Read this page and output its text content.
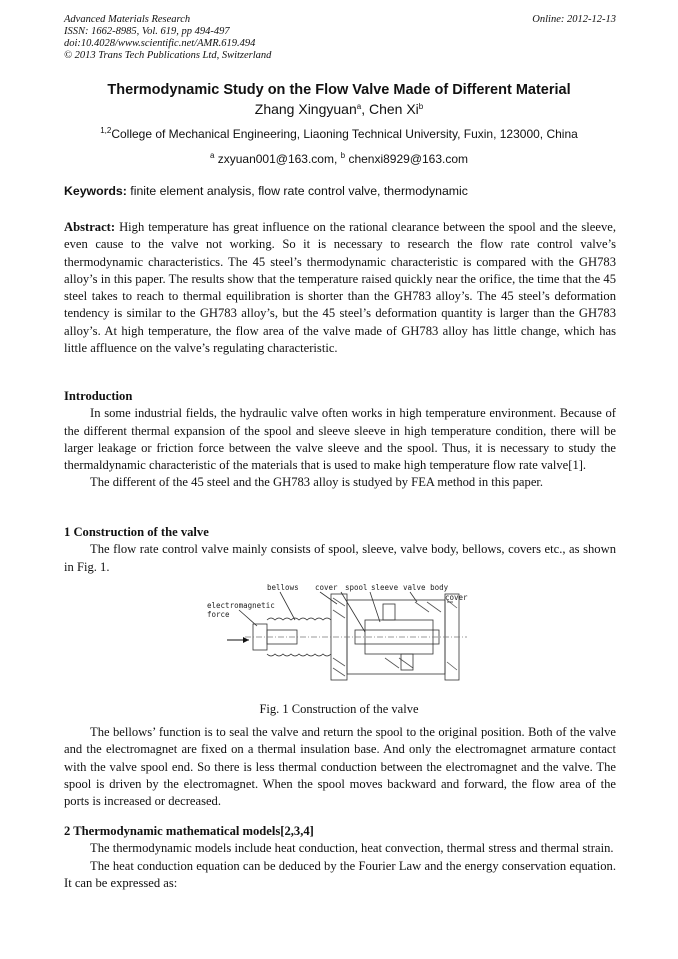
Advanced Materials Research
ISSN: 1662-8985, Vol. 619, pp 494-497
doi:10.4028/www.scientific.net/AMR.619.494
© 2013 Trans Tech Publications Ltd, Switzerland
Online: 2012-12-13
Thermodynamic Study on the Flow Valve Made of Different Material
Zhang Xingyuan$^a$, Chen Xi$^b$
$^{1,2}$College of Mechanical Engineering, Liaoning Technical University, Fuxin, 123000, China
$^a$ zxyuan001@163.com, $^b$ chenxi8929@163.com
Keywords: finite element analysis, flow rate control valve, thermodynamic
Abstract: High temperature has great influence on the rational clearance between the spool and the sleeve, even cause to the valve not working. So it is necessary to research the flow rate control valve’s thermodynamic characteristics. The 45 steel’s thermodynamic characteristic is compared with the GH783 alloy’s in this paper. The results show that the temperature raised quickly near the orifice, the time that the 45 steel takes to reach to thermal equilibration is shorter than the GH783 alloy’s. The 45 steel’s deformation tendency is similar to the GH783 alloy’s, but the 45 steel’s deformation quantity is larger than the GH783 alloy’s. At high temperature, the flow area of the valve made of GH783 alloy has little change, which has little affluence on the valve’s regulating characteristic.
Introduction

In some industrial fields, the hydraulic valve often works in high temperature environment. Because of the different thermal expansion of the spool and sleeve sleeve in high temperature condition, there will be larger leakage or friction force between the valve sleeve and the spool. Thus, it is necessary to study the thermaldynamic characteristic of the materials that is used to make high temperature flow rate valve[1].

The different of the 45 steel and the GH783 alloy is studyed by FEA method in this paper.

1 Construction of the valve

The flow rate control valve mainly consists of spool, sleeve, valve body, bellows, covers etc., as shown in Fig. 1.

bellows cover spool sleeve valve body
cover
electromagnetic
force
Fig. 1 Construction of the valve

The bellows’ function is to seal the valve and return the spool to the original position. Both of the valve and the electromagnet are fixed on a thermal insulation base. And only the electromagnet armature contact with the valve spool end. So there is less thermal conduction between the electromagnet and the valve. The spool is driven by the electromagnet. When the spool moves backward and forward, the flow area of the ports is increased or decreased.

2 Thermodynamic mathematical models[2,3,4]

The thermodynamic models include heat conduction, heat convection, thermal stress and thermal strain.

The heat conduction equation can be deduced by the Fourier Law and the energy conservation equation. It can be expressed as:
